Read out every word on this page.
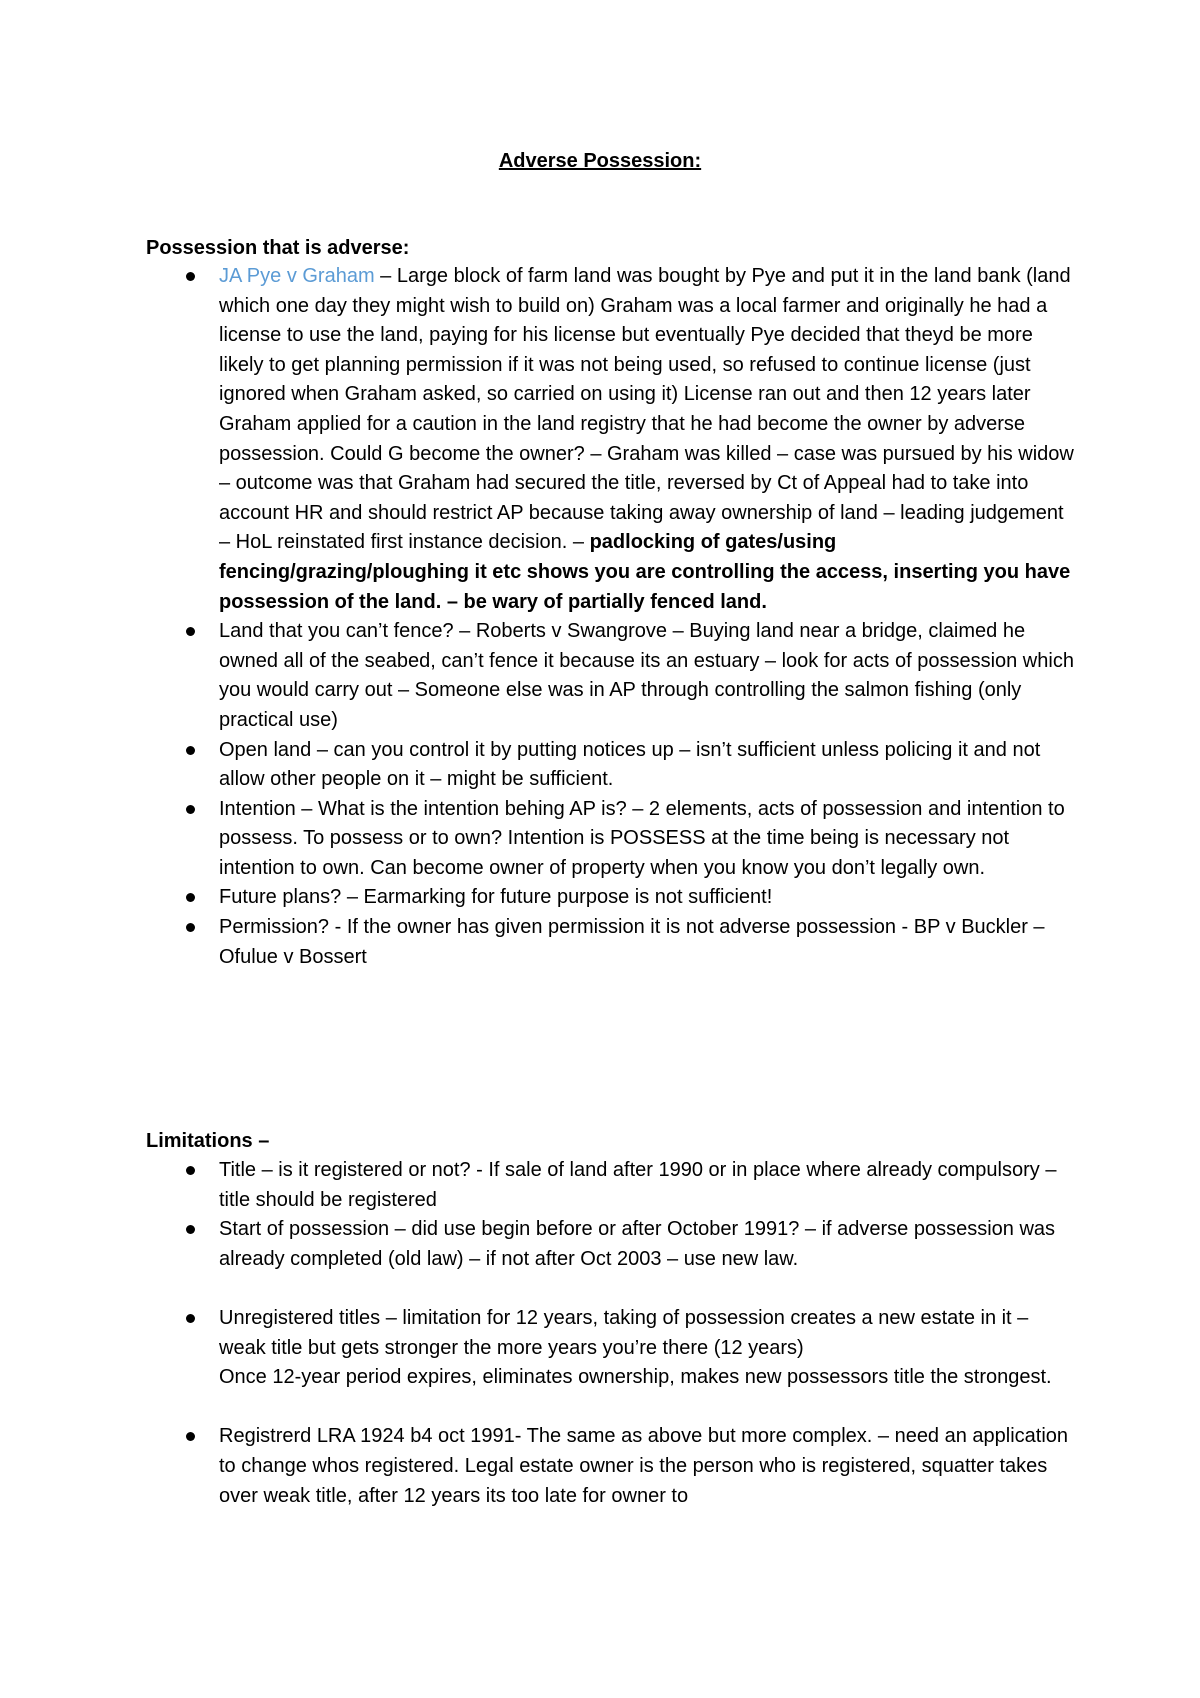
Adverse Possession:
Possession that is adverse:
JA Pye v Graham – Large block of farm land was bought by Pye and put it in the land bank (land which one day they might wish to build on) Graham was a local farmer and originally he had a license to use the land, paying for his license but eventually Pye decided that theyd be more likely to get planning permission if it was not being used, so refused to continue license (just ignored when Graham asked, so carried on using it) License ran out and then 12 years later Graham applied for a caution in the land registry that he had become the owner by adverse possession. Could G become the owner? – Graham was killed – case was pursued by his widow – outcome was that Graham had secured the title, reversed by Ct of Appeal had to take into account HR and should restrict AP because taking away ownership of land – leading judgement – HoL reinstated first instance decision. – padlocking of gates/using fencing/grazing/ploughing it etc shows you are controlling the access, inserting you have possession of the land. – be wary of partially fenced land.
Land that you can’t fence? – Roberts v Swangrove – Buying land near a bridge, claimed he owned all of the seabed, can’t fence it because its an estuary – look for acts of possession which you would carry out – Someone else was in AP through controlling the salmon fishing (only practical use)
Open land – can you control it by putting notices up – isn’t sufficient unless policing it and not allow other people on it – might be sufficient.
Intention – What is the intention behing AP is? – 2 elements, acts of possession and intention to possess. To possess or to own? Intention is POSSESS at the time being is necessary not intention to own. Can become owner of property when you know you don’t legally own.
Future plans? – Earmarking for future purpose is not sufficient!
Permission? - If the owner has given permission it is not adverse possession - BP v Buckler –
Ofulue v Bossert
Limitations –
Title – is it registered or not? - If sale of land after 1990 or in place where already compulsory – title should be registered
Start of possession – did use begin before or after October 1991? – if adverse possession was already completed (old law) – if not after Oct 2003 – use new law.
Unregistered titles – limitation for 12 years, taking of possession creates a new estate in it – weak title but gets stronger the more years you’re there (12 years)
Once 12-year period expires, eliminates ownership, makes new possessors title the strongest.
Registrerd LRA 1924 b4 oct 1991- The same as above but more complex. – need an application to change whos registered. Legal estate owner is the person who is registered, squatter takes over weak title, after 12 years its too late for owner to
